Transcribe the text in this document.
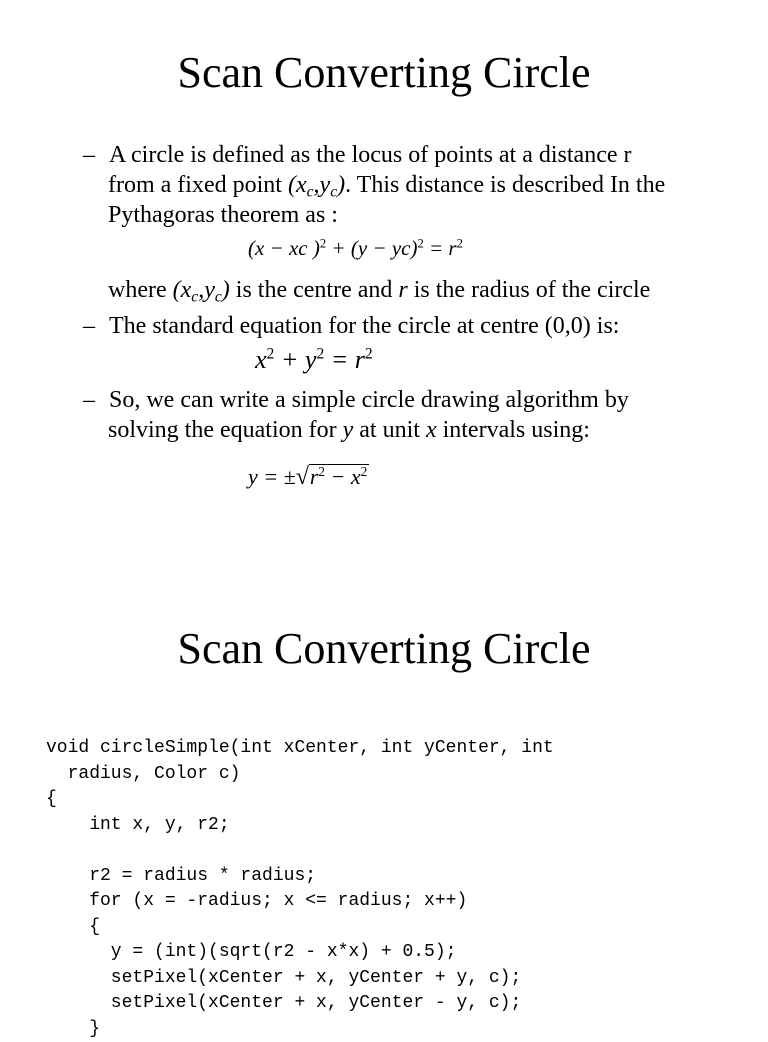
Scan Converting Circle
– A circle is defined as the locus of points at a distance r
from a fixed point $(x_c,y_c)$. This distance is described In the
Pythagoras theorem as :
(x − xc )$^2 + (y - yc)^2 = r^2$
where $(x_c,y_c)$ is the centre and r is the radius of the circle
– The standard equation for the circle at centre (0,0) is:
$x^2 + y^2 = r^2$
– So, we can write a simple circle drawing algorithm by
solving the equation for y at unit x intervals using:
$y = \pm√r^2 - x^2$
Scan Converting Circle
void circleSimple(int xCenter, int yCenter, int
radius, Color c)
{
int x, y, r2;

r2 = radius * radius;
for (x = -radius; x <= radius; x++)
{
y = (int)(sqrt(r2 - x*x) + 0.5);
setPixel(xCenter + x, yCenter + y, c);
setPixel(xCenter + x, yCenter - y, c);
}
